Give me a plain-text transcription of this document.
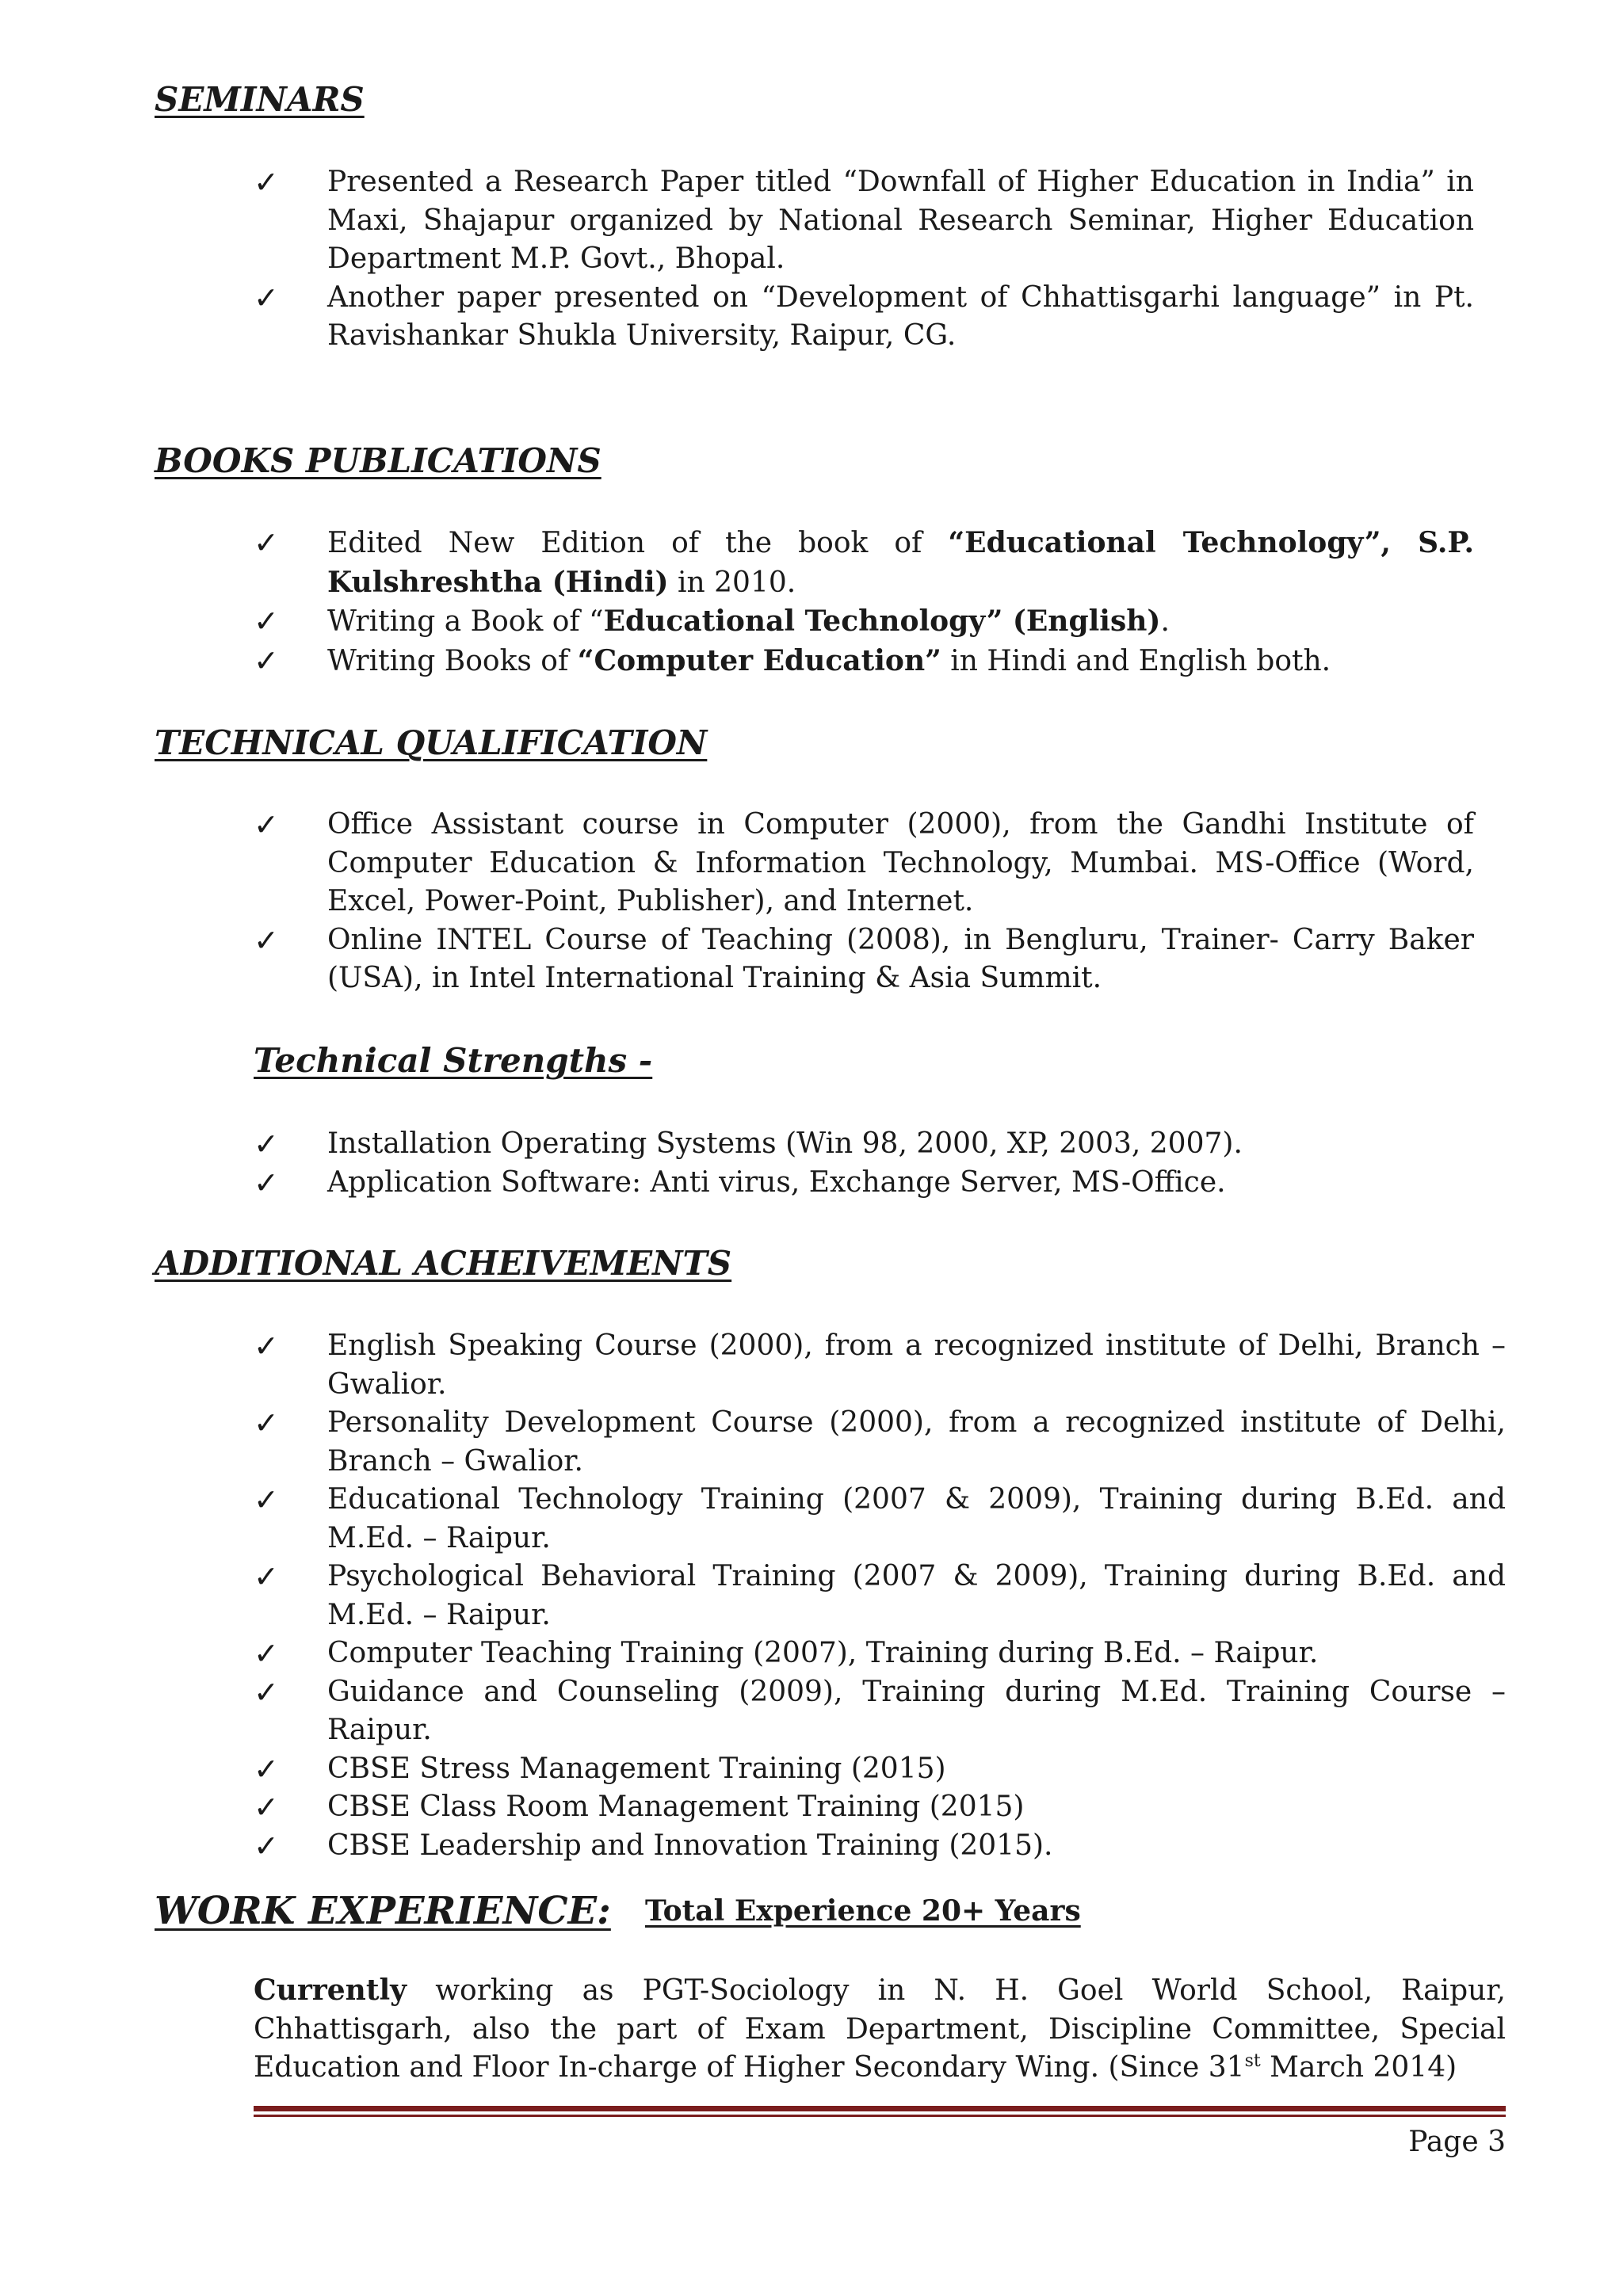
SEMINARS
✓ Presented a Research Paper titled “Downfall of Higher Education in India” in Maxi, Shajapur organized by National Research Seminar, Higher Education Department M.P. Govt., Bhopal.
✓ Another paper presented on “Development of Chhattisgarhi language” in Pt. Ravishankar Shukla University, Raipur, CG.
BOOKS PUBLICATIONS
✓ Edited New Edition of the book of “Educational Technology”, S.P. Kulshreshtha (Hindi) in 2010.
✓ Writing a Book of “Educational Technology” (English).
✓ Writing Books of “Computer Education” in Hindi and English both.
TECHNICAL QUALIFICATION
✓ Office Assistant course in Computer (2000), from the Gandhi Institute of Computer Education & Information Technology, Mumbai. MS-Office (Word, Excel, Power-Point, Publisher), and Internet.
✓ Online INTEL Course of Teaching (2008), in Bengluru, Trainer- Carry Baker (USA), in Intel International Training & Asia Summit.
Technical Strengths -
✓ Installation Operating Systems (Win 98, 2000, XP, 2003, 2007).
✓ Application Software: Anti virus, Exchange Server, MS-Office.
ADDITIONAL ACHEIVEMENTS
✓ English Speaking Course (2000), from a recognized institute of Delhi, Branch – Gwalior.
✓ Personality Development Course (2000), from a recognized institute of Delhi, Branch – Gwalior.
✓ Educational Technology Training (2007 & 2009), Training during B.Ed. and M.Ed. – Raipur.
✓ Psychological Behavioral Training (2007 & 2009), Training during B.Ed. and M.Ed. – Raipur.
✓ Computer Teaching Training (2007), Training during B.Ed. – Raipur.
✓ Guidance and Counseling (2009), Training during M.Ed. Training Course – Raipur.
✓ CBSE Stress Management Training (2015)
✓ CBSE Class Room Management Training (2015)
✓ CBSE Leadership and Innovation Training (2015).
WORK EXPERIENCE: Total Experience 20+ Years
Currently working as PGT-Sociology in N. H. Goel World School, Raipur, Chhattisgarh, also the part of Exam Department, Discipline Committee, Special Education and Floor In-charge of Higher Secondary Wing. (Since 31st March 2014)
Page 3
